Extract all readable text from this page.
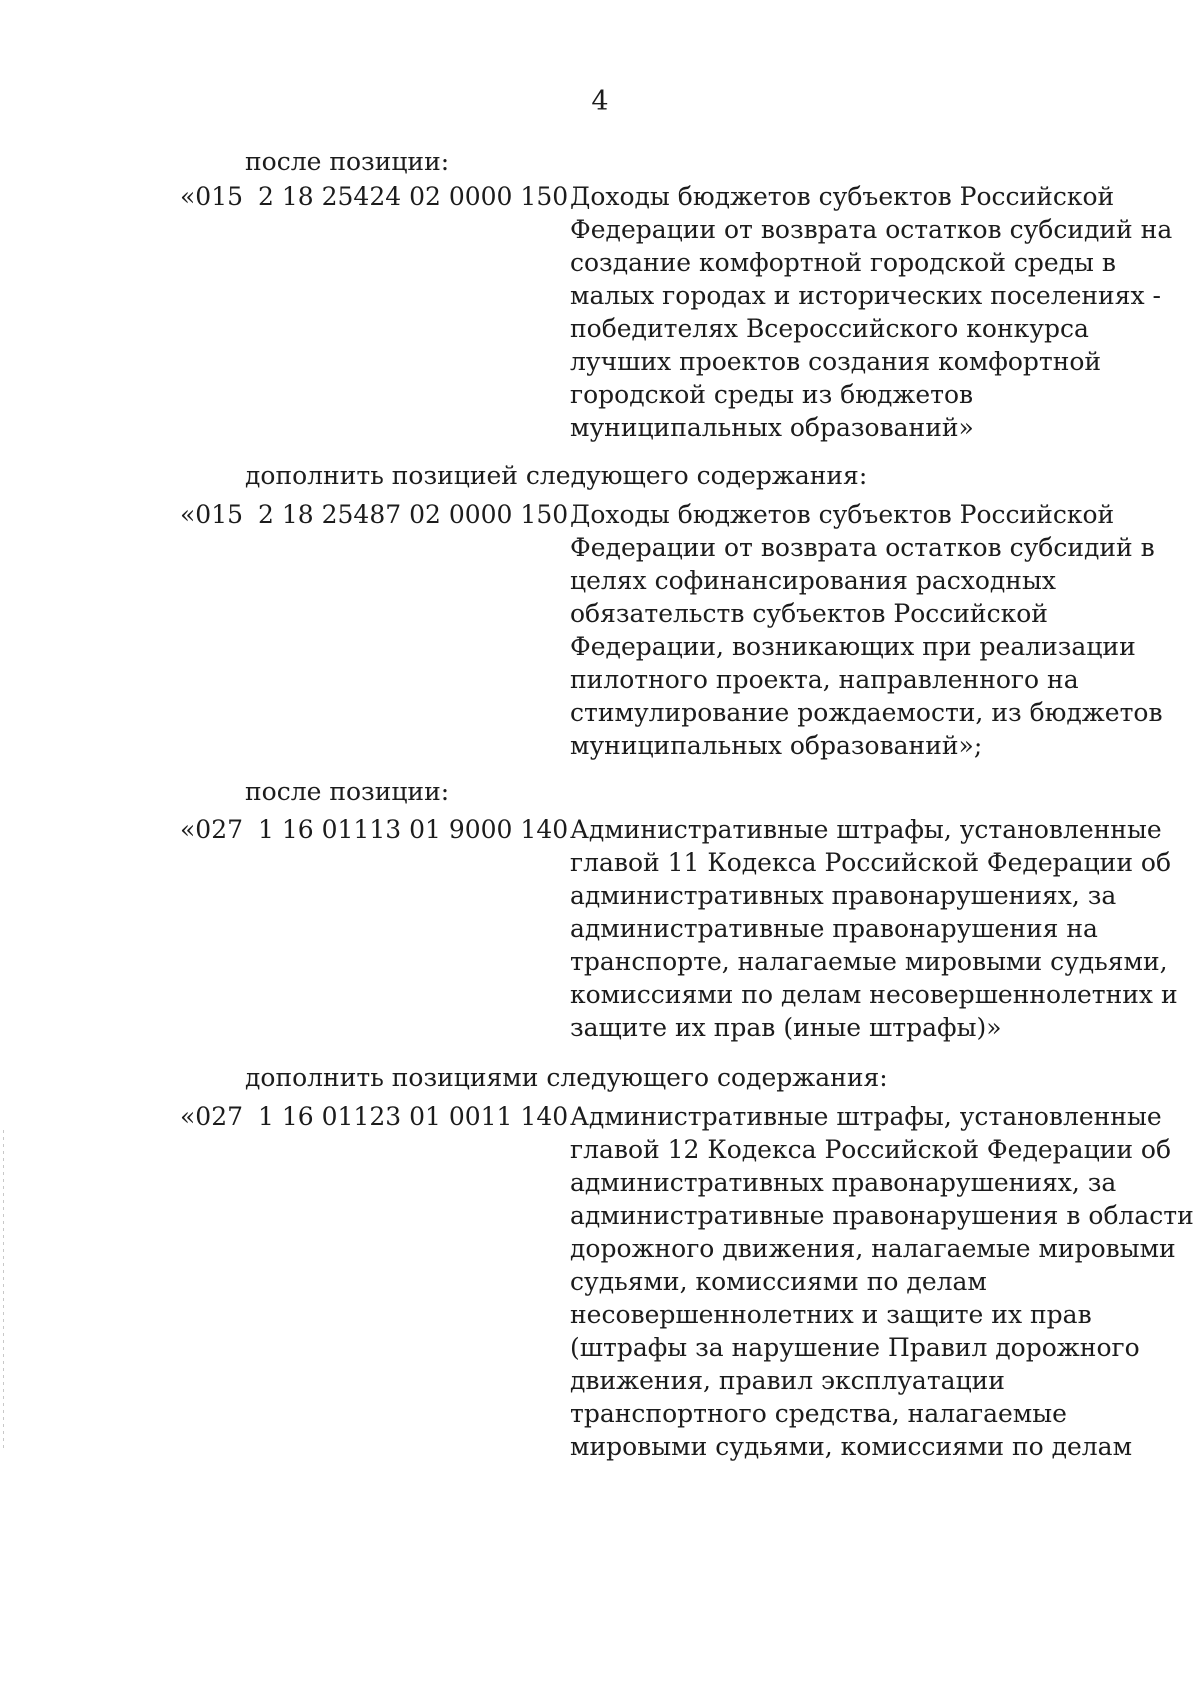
4
после позиции:
«015 2 18 25424 02 0000 150 Доходы бюджетов субъектов Российской
Федерации от возврата остатков субсидий на
создание комфортной городской среды в
малых городах и исторических поселениях -
победителях Всероссийского конкурса
лучших проектов создания комфортной
городской среды из бюджетов
муниципальных образований»
дополнить позицией следующего содержания:
«015 2 18 25487 02 0000 150 Доходы бюджетов субъектов Российской
Федерации от возврата остатков субсидий в
целях софинансирования расходных
обязательств субъектов Российской
Федерации, возникающих при реализации
пилотного проекта, направленного на
стимулирование рождаемости, из бюджетов
муниципальных образований»;
после позиции:
«027 1 16 01113 01 9000 140 Административные штрафы, установленные
главой 11 Кодекса Российской Федерации об
административных правонарушениях, за
административные правонарушения на
транспорте, налагаемые мировыми судьями,
комиссиями по делам несовершеннолетних и
защите их прав (иные штрафы)»
дополнить позициями следующего содержания:
«027 1 16 01123 01 0011 140 Административные штрафы, установленные
главой 12 Кодекса Российской Федерации об
административных правонарушениях, за
административные правонарушения в области
дорожного движения, налагаемые мировыми
судьями, комиссиями по делам
несовершеннолетних и защите их прав
(штрафы за нарушение Правил дорожного
движения, правил эксплуатации
транспортного средства, налагаемые
мировыми судьями, комиссиями по делам
